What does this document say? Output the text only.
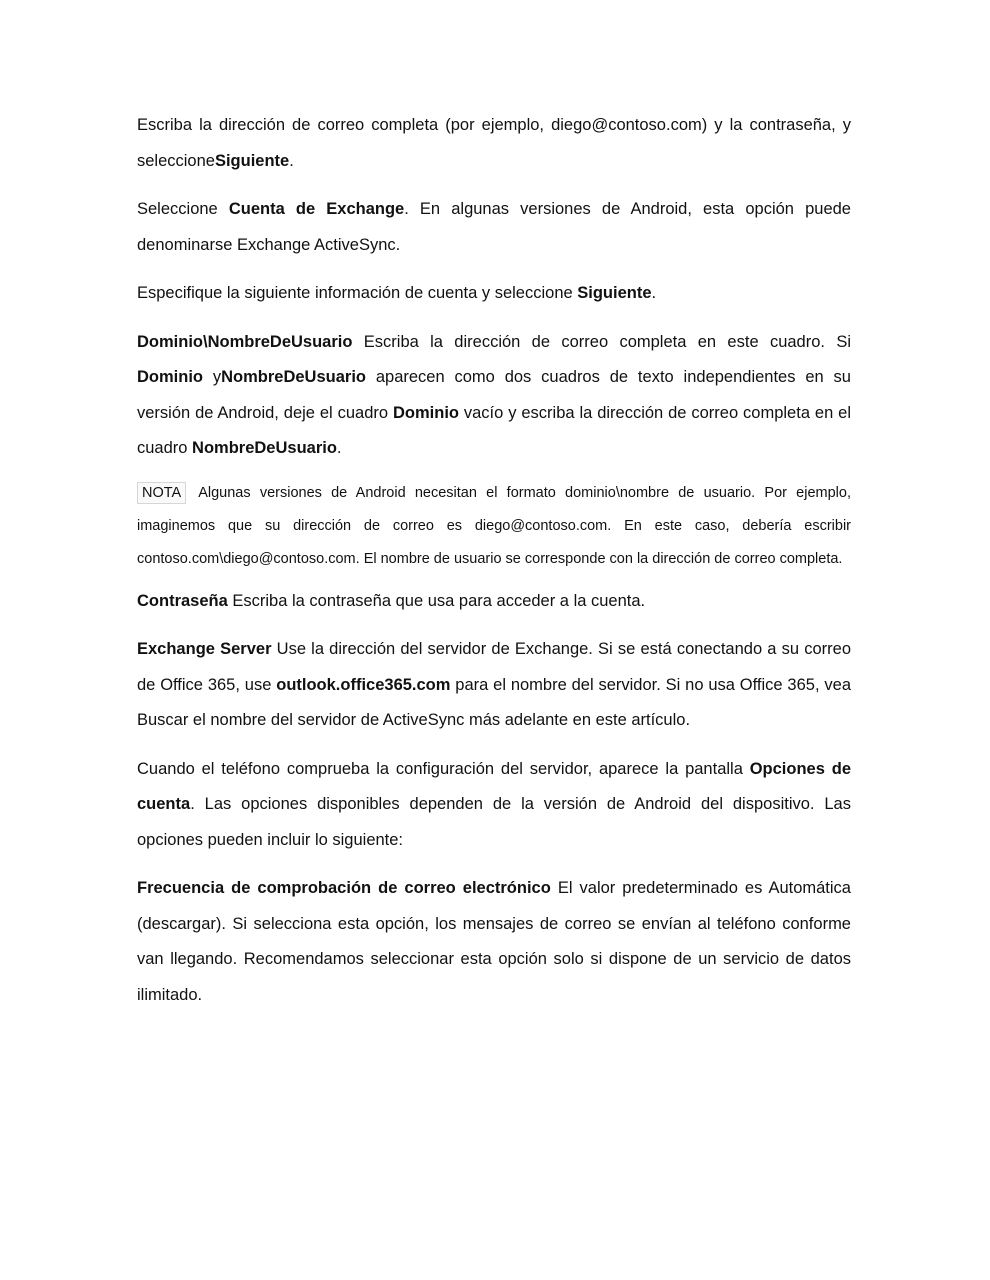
Escriba la dirección de correo completa (por ejemplo, diego@contoso.com) y la contraseña, y seleccioneSiguiente.

Seleccione Cuenta de Exchange. En algunas versiones de Android, esta opción puede denominarse Exchange ActiveSync.

Especifique la siguiente información de cuenta y seleccione Siguiente.

Dominio\NombreDeUsuario Escriba la dirección de correo completa en este cuadro. Si Dominio yNombreDeUsuario aparecen como dos cuadros de texto independientes en su versión de Android, deje el cuadro Dominio vacío y escriba la dirección de correo completa en el cuadro NombreDeUsuario.

NOTA Algunas versiones de Android necesitan el formato dominio\nombre de usuario. Por ejemplo, imaginemos que su dirección de correo es diego@contoso.com. En este caso, debería escribir contoso.com\diego@contoso.com. El nombre de usuario se corresponde con la dirección de correo completa.

Contraseña Escriba la contraseña que usa para acceder a la cuenta.

Exchange Server Use la dirección del servidor de Exchange. Si se está conectando a su correo de Office 365, use outlook.office365.com para el nombre del servidor. Si no usa Office 365, vea Buscar el nombre del servidor de ActiveSync más adelante en este artículo.

Cuando el teléfono comprueba la configuración del servidor, aparece la pantalla Opciones de cuenta. Las opciones disponibles dependen de la versión de Android del dispositivo. Las opciones pueden incluir lo siguiente:

Frecuencia de comprobación de correo electrónico El valor predeterminado es Automática (descargar). Si selecciona esta opción, los mensajes de correo se envían al teléfono conforme van llegando. Recomendamos seleccionar esta opción solo si dispone de un servicio de datos ilimitado.
